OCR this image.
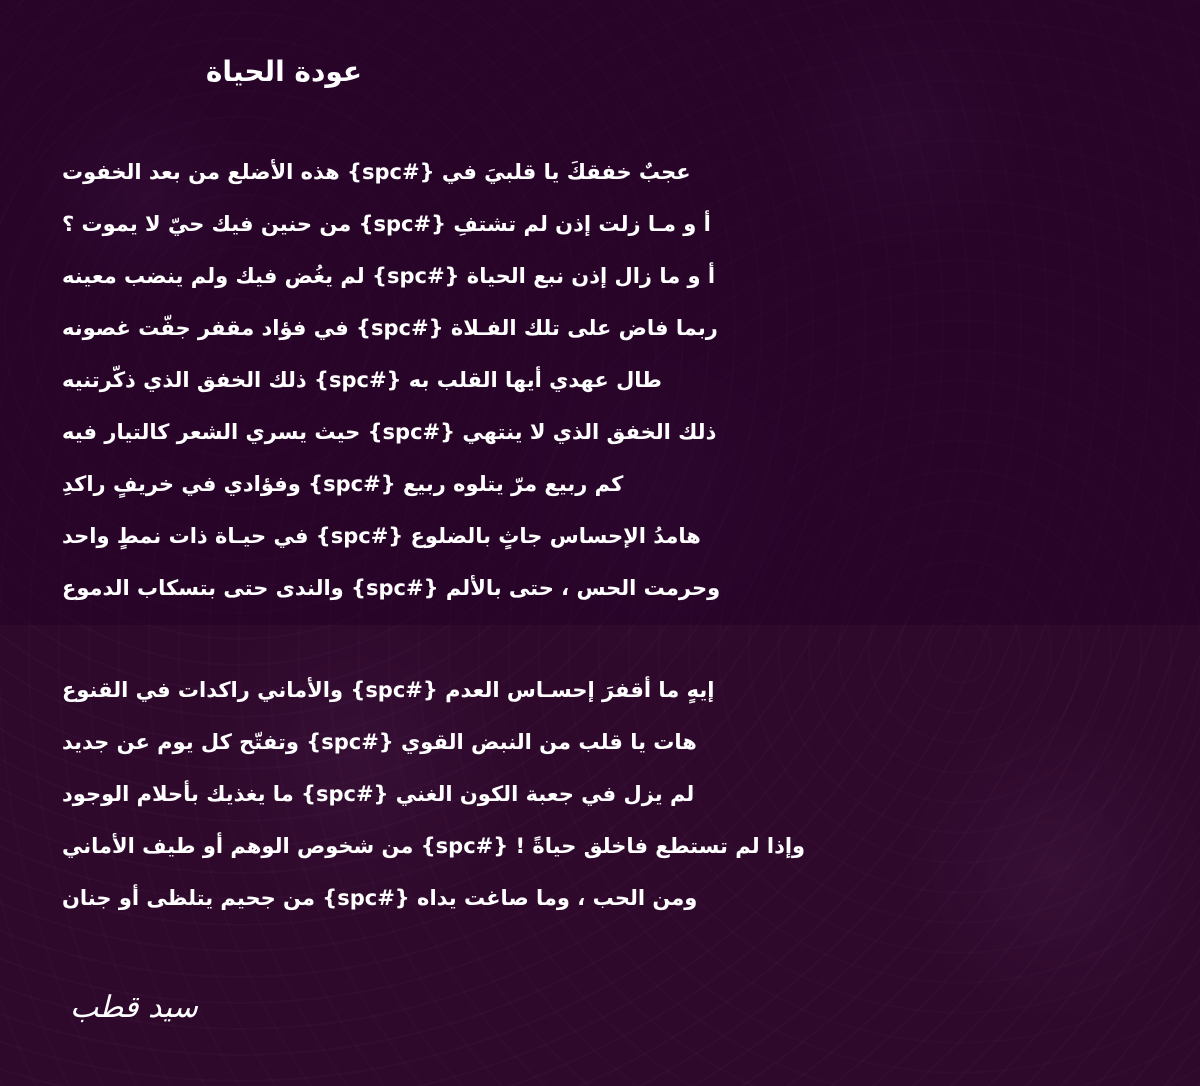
عودة الحياة
عجبٌ خفقكَ يا قلبيَ في {#spc} هذه الأضلع من بعد الخفوت
أ و مـا زلت إذن لم تشتفِ {#spc} من حنين فيك حيّ لا يموت ؟
أ و ما زال إذن نبع الحياة {#spc} لم يغُض فيك ولم ينضب معينه
ربما فاض على تلك الفـلاة {#spc} في فؤاد مقفر جفّت غصونه
طال عهدي أيها القلب به {#spc} ذلك الخفق الذي ذكّرتنيه
ذلك الخفق الذي لا ينتهي {#spc} حيث يسري الشعر كالتيار فيه
كم ربيع مرّ يتلوه ربيع {#spc} وفؤادي في خريفٍ راكدِ
هامدُ الإحساس جاثٍ بالضلوع {#spc} في حيـاة ذات نمطٍ واحد
وحرمت الحس ، حتى بالألم {#spc} والندى حتى بتسكاب الدموع
إيهٍ ما أقفرَ إحسـاس العدم {#spc} والأماني راكدات في القنوع
هات يا قلب من النبض القوي {#spc} وتفتّح كل يوم عن جديد
لم يزل في جعبة الكون الغني {#spc} ما يغذيك بأحلام الوجود
وإذا لم تستطع فاخلق حياةً ! {#spc} من شخوص الوهم أو طيف الأماني
ومن الحب ، وما صاغت يداه {#spc} من جحيم يتلظى أو جنان
سيد قطب
